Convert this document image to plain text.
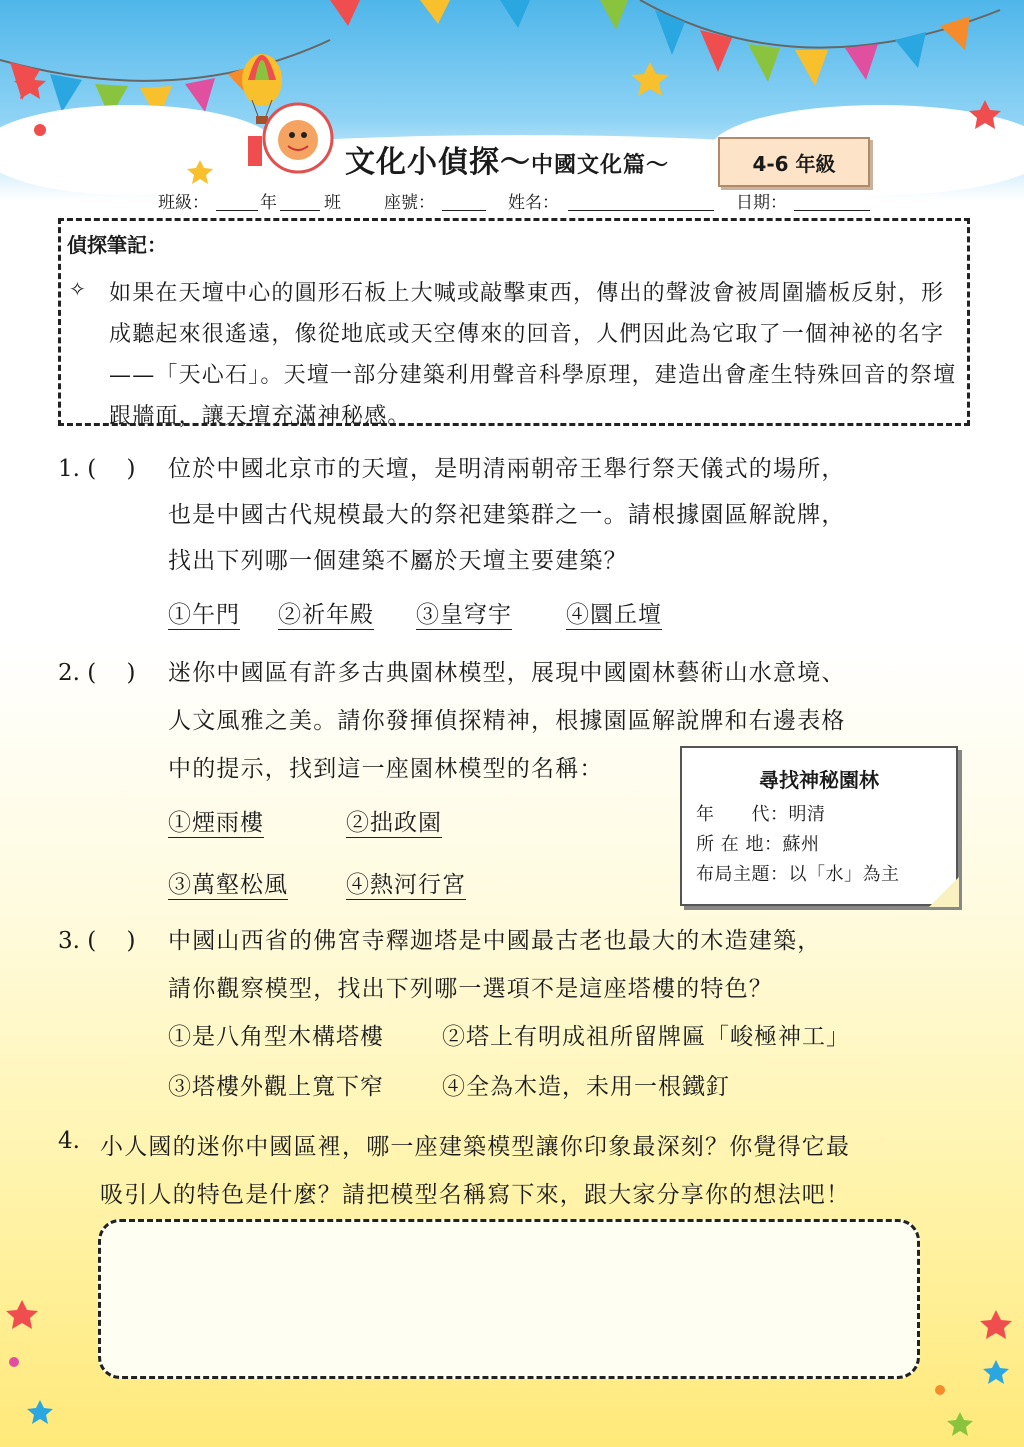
文化小偵探～中國文化篇～	4-6 年級
班級：	年	班	座號：	姓名：	日期：
偵探筆記：
✧ 如果在天壇中心的圓形石板上大喊或敲擊東西，傳出的聲波會被周圍牆板反射，形成聽起來很遙遠，像從地底或天空傳來的回音，人們因此為它取了一個神祕的名字——「天心石」。天壇一部分建築利用聲音科學原理，建造出會產生特殊回音的祭壇跟牆面，讓天壇充滿神秘感。
1. (　 ) 位於中國北京市的天壇，是明清兩朝帝王舉行祭天儀式的場所，
也是中國古代規模最大的祭祀建築群之一。請根據園區解說牌，
找出下列哪一個建築不屬於天壇主要建築？
①午門 ②祈年殿 ③皇穹宇 ④圜丘壇
2. (　 ) 迷你中國區有許多古典園林模型，展現中國園林藝術山水意境、
人文風雅之美。請你發揮偵探精神，根據園區解說牌和右邊表格
中的提示，找到這一座園林模型的名稱：
①煙雨樓	②拙政園
③萬壑松風	④熱河行宮
尋找神秘園林
年　　代：明清
所 在 地：蘇州
布局主題：以「水」為主
3. (　 ) 中國山西省的佛宮寺釋迦塔是中國最古老也最大的木造建築，
請你觀察模型，找出下列哪一選項不是這座塔樓的特色？
①是八角型木構塔樓	②塔上有明成祖所留牌匾「峻極神工」
③塔樓外觀上寬下窄	④全為木造，未用一根鐵釘
4. 小人國的迷你中國區裡，哪一座建築模型讓你印象最深刻？你覺得它最
吸引人的特色是什麼？請把模型名稱寫下來，跟大家分享你的想法吧！
